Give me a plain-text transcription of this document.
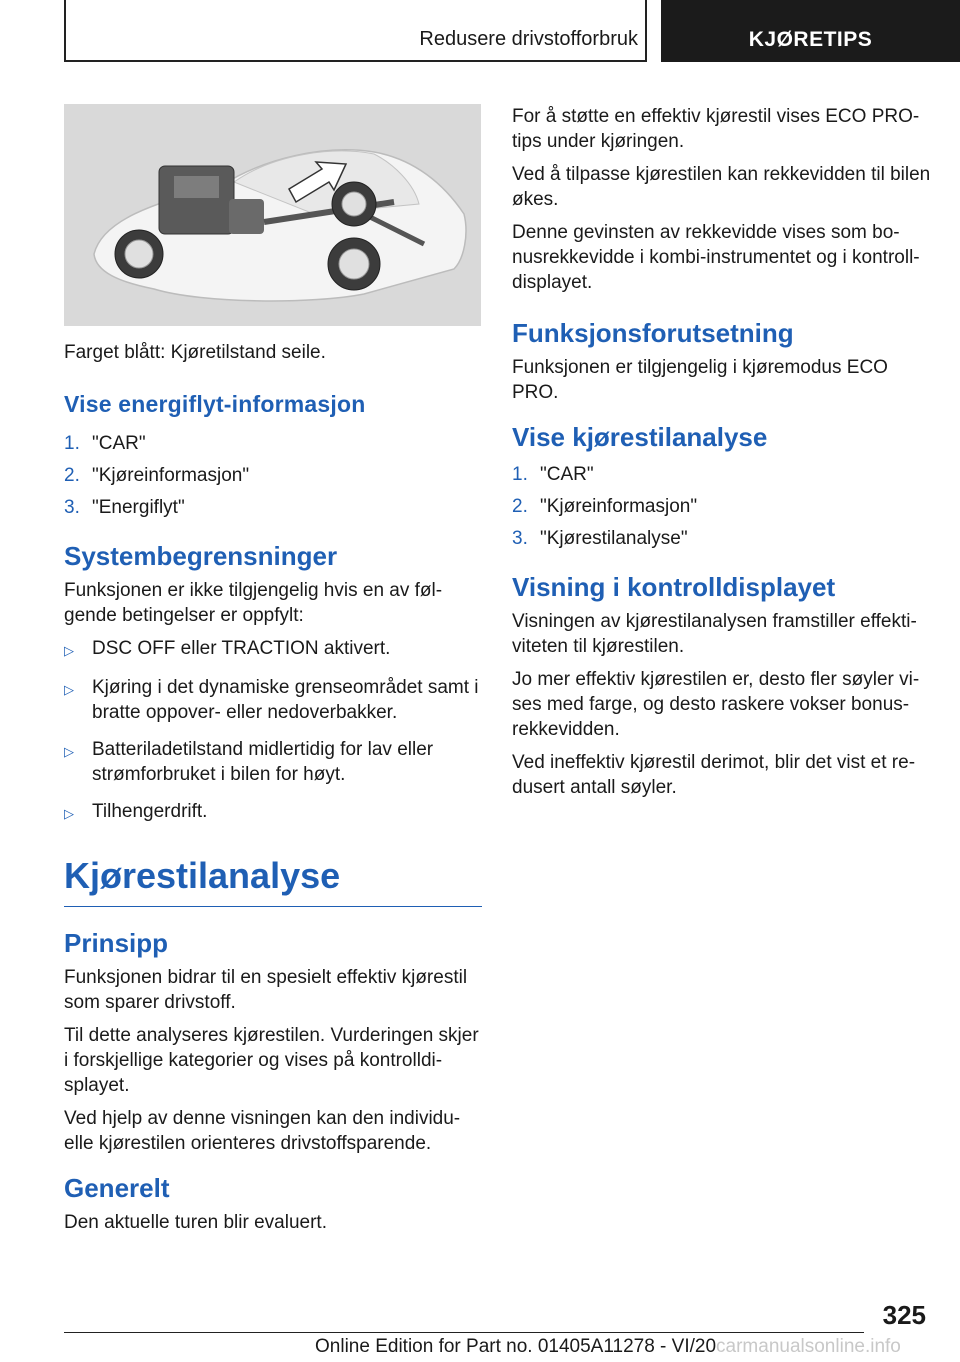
Redusere drivstofforbruk	KJØRETIPS
Farget blått: Kjøretilstand seile.
Vise energiflyt-informasjon
1. "CAR"
2. "Kjøreinformasjon"
3. "Energiflyt"
Systembegrensninger

Funksjonen er ikke tilgjengelig hvis en av følgende betingelser er oppfylt:

▷ DSC OFF eller TRACTION aktivert.
▷ Kjøring i det dynamiske grenseområdet samt i bratte oppover- eller nedoverbakker.
▷ Batteriladetilstand midlertidig for lav eller strømforbruket i bilen for høyt.
▷ Tilhengerdrift.
Kjørestilanalyse
Prinsipp

Funksjonen bidrar til en spesielt effektiv kjørestil som sparer drivstoff.

Til dette analyseres kjørestilen. Vurderingen skjer i forskjellige kategorier og vises på kontrolldisplayet.

Ved hjelp av denne visningen kan den individuelle kjørestilen orienteres drivstoffsparende.

Generelt

Den aktuelle turen blir evaluert.

For å støtte en effektiv kjørestil vises ECO PRO-tips under kjøringen.

Ved å tilpasse kjørestilen kan rekkevidden til bilen økes.

Denne gevinsten av rekkevidde vises som bonusrekkevidde i kombi-instrumentet og i kontrolldisplayet.

Funksjonsforutsetning

Funksjonen er tilgjengelig i kjøremodus ECO PRO.

Vise kjørestilanalyse
1. "CAR"
2. "Kjøreinformasjon"
3. "Kjørestilanalyse"
Visning i kontrolldisplayet

Visningen av kjørestilanalysen framstiller effektiviteten til kjørestilen.

Jo mer effektiv kjørestilen er, desto fler søyler vises med farge, og desto raskere vokser bonusrekkevidden.

Ved ineffektiv kjørestil derimot, blir det vist et redusert antall søyler.

325
Online Edition for Part no. 01405A11278 - VI/20carmanualsonline.info
